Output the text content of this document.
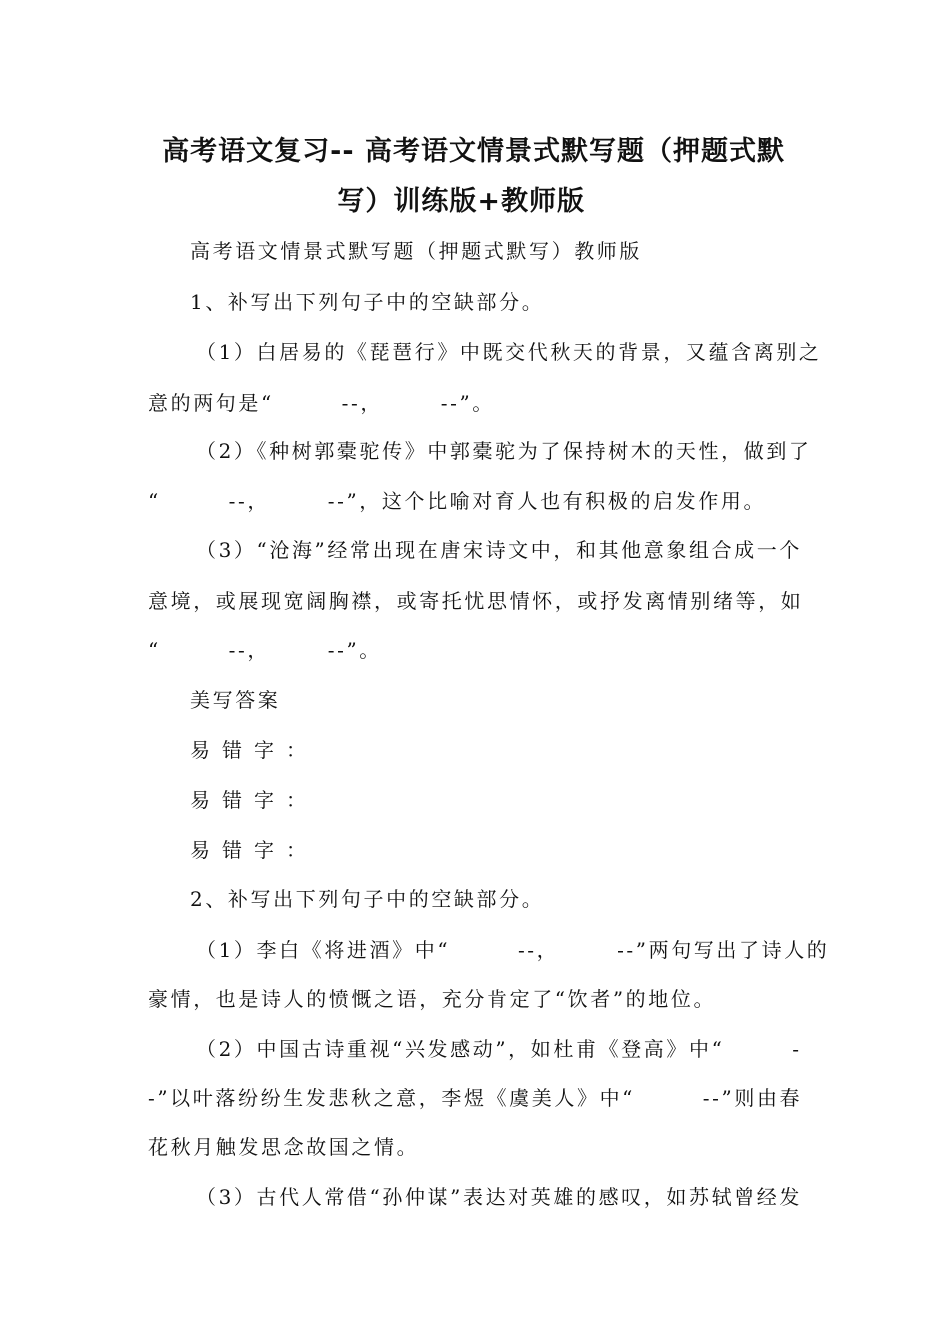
高考语文复习-- 高考语文情景式默写题（押题式默
写）训练版+教师版
高考语文情景式默写题（押题式默写）教师版
1、补写出下列句子中的空缺部分。
（1）白居易的《琵琶行》中既交代秋天的背景，又蕴含离别之
意的两句是“　　　--，　　　--”。
（2）《种树郭橐驼传》中郭橐驼为了保持树木的天性，做到了
“　　　--，　　　--”，这个比喻对育人也有积极的启发作用。
（3）“沧海”经常出现在唐宋诗文中，和其他意象组合成一个
意境，或展现宽阔胸襟，或寄托忧思情怀，或抒发离情别绪等，如
“　　　--，　　　--”。
美写答案
易错字：
易错字：
易错字：
2、补写出下列句子中的空缺部分。
（1）李白《将进酒》中“　　　--，　　　--”两句写出了诗人的
豪情，也是诗人的愤慨之语，充分肯定了“饮者”的地位。
（2）中国古诗重视“兴发感动”，如杜甫《登高》中“　　　-
-”以叶落纷纷生发悲秋之意，李煜《虞美人》中“　　　--”则由春
花秋月触发思念故国之情。
（3）古代人常借“孙仲谋”表达对英雄的感叹，如苏轼曾经发
